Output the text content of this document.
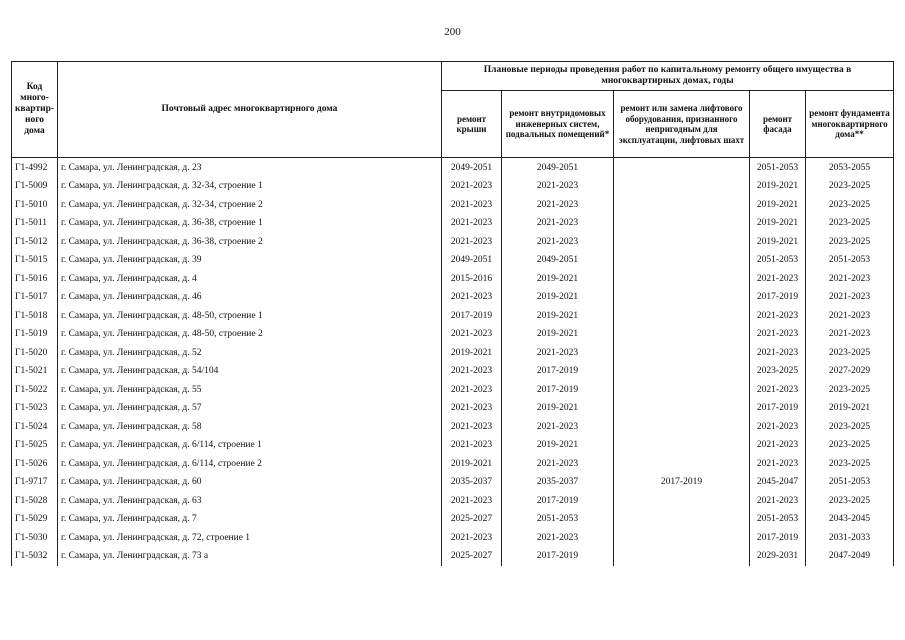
200
Код много-квартир-ного дома	Почтовый адрес многоквартирного дома	Плановые периоды проведения работ по капитальному ремонту общего имущества в многоквартирных домах, годы				
		ремонт крыши	ремонт внутридомовых инженерных систем, подвальных помещений*	ремонт или замена лифтового оборудования, признанного непригодным для эксплуатации, лифтовых шахт	ремонт фасада	ремонт фундамента многоквартирного дома**
Г1-4992	г. Самара, ул. Ленинградская, д. 23	2049-2051	2049-2051		2051-2053	2053-2055
Г1-5009	г. Самара, ул. Ленинградская, д. 32-34, строение 1	2021-2023	2021-2023		2019-2021	2023-2025
Г1-5010	г. Самара, ул. Ленинградская, д. 32-34, строение 2	2021-2023	2021-2023		2019-2021	2023-2025
Г1-5011	г. Самара, ул. Ленинградская, д. 36-38, строение 1	2021-2023	2021-2023		2019-2021	2023-2025
Г1-5012	г. Самара, ул. Ленинградская, д. 36-38, строение 2	2021-2023	2021-2023		2019-2021	2023-2025
Г1-5015	г. Самара, ул. Ленинградская, д. 39	2049-2051	2049-2051		2051-2053	2051-2053
Г1-5016	г. Самара, ул. Ленинградская, д. 4	2015-2016	2019-2021		2021-2023	2021-2023
Г1-5017	г. Самара, ул. Ленинградская, д. 46	2021-2023	2019-2021		2017-2019	2021-2023
Г1-5018	г. Самара, ул. Ленинградская, д. 48-50, строение 1	2017-2019	2019-2021		2021-2023	2021-2023
Г1-5019	г. Самара, ул. Ленинградская, д. 48-50, строение 2	2021-2023	2019-2021		2021-2023	2021-2023
Г1-5020	г. Самара, ул. Ленинградская, д. 52	2019-2021	2021-2023		2021-2023	2023-2025
Г1-5021	г. Самара, ул. Ленинградская, д. 54/104	2021-2023	2017-2019		2023-2025	2027-2029
Г1-5022	г. Самара, ул. Ленинградская, д. 55	2021-2023	2017-2019		2021-2023	2023-2025
Г1-5023	г. Самара, ул. Ленинградская, д. 57	2021-2023	2019-2021		2017-2019	2019-2021
Г1-5024	г. Самара, ул. Ленинградская, д. 58	2021-2023	2021-2023		2021-2023	2023-2025
Г1-5025	г. Самара, ул. Ленинградская, д. 6/114, строение 1	2021-2023	2019-2021		2021-2023	2023-2025
Г1-5026	г. Самара, ул. Ленинградская, д. 6/114, строение 2	2019-2021	2021-2023		2021-2023	2023-2025
Г1-9717	г. Самара, ул. Ленинградская, д. 60	2035-2037	2035-2037	2017-2019	2045-2047	2051-2053
Г1-5028	г. Самара, ул. Ленинградская, д. 63	2021-2023	2017-2019		2021-2023	2023-2025
Г1-5029	г. Самара, ул. Ленинградская, д. 7	2025-2027	2051-2053		2051-2053	2043-2045
Г1-5030	г. Самара, ул. Ленинградская, д. 72, строение 1	2021-2023	2021-2023		2017-2019	2031-2033
Г1-5032	г. Самара, ул. Ленинградская, д. 73 а	2025-2027	2017-2019		2029-2031	2047-2049
